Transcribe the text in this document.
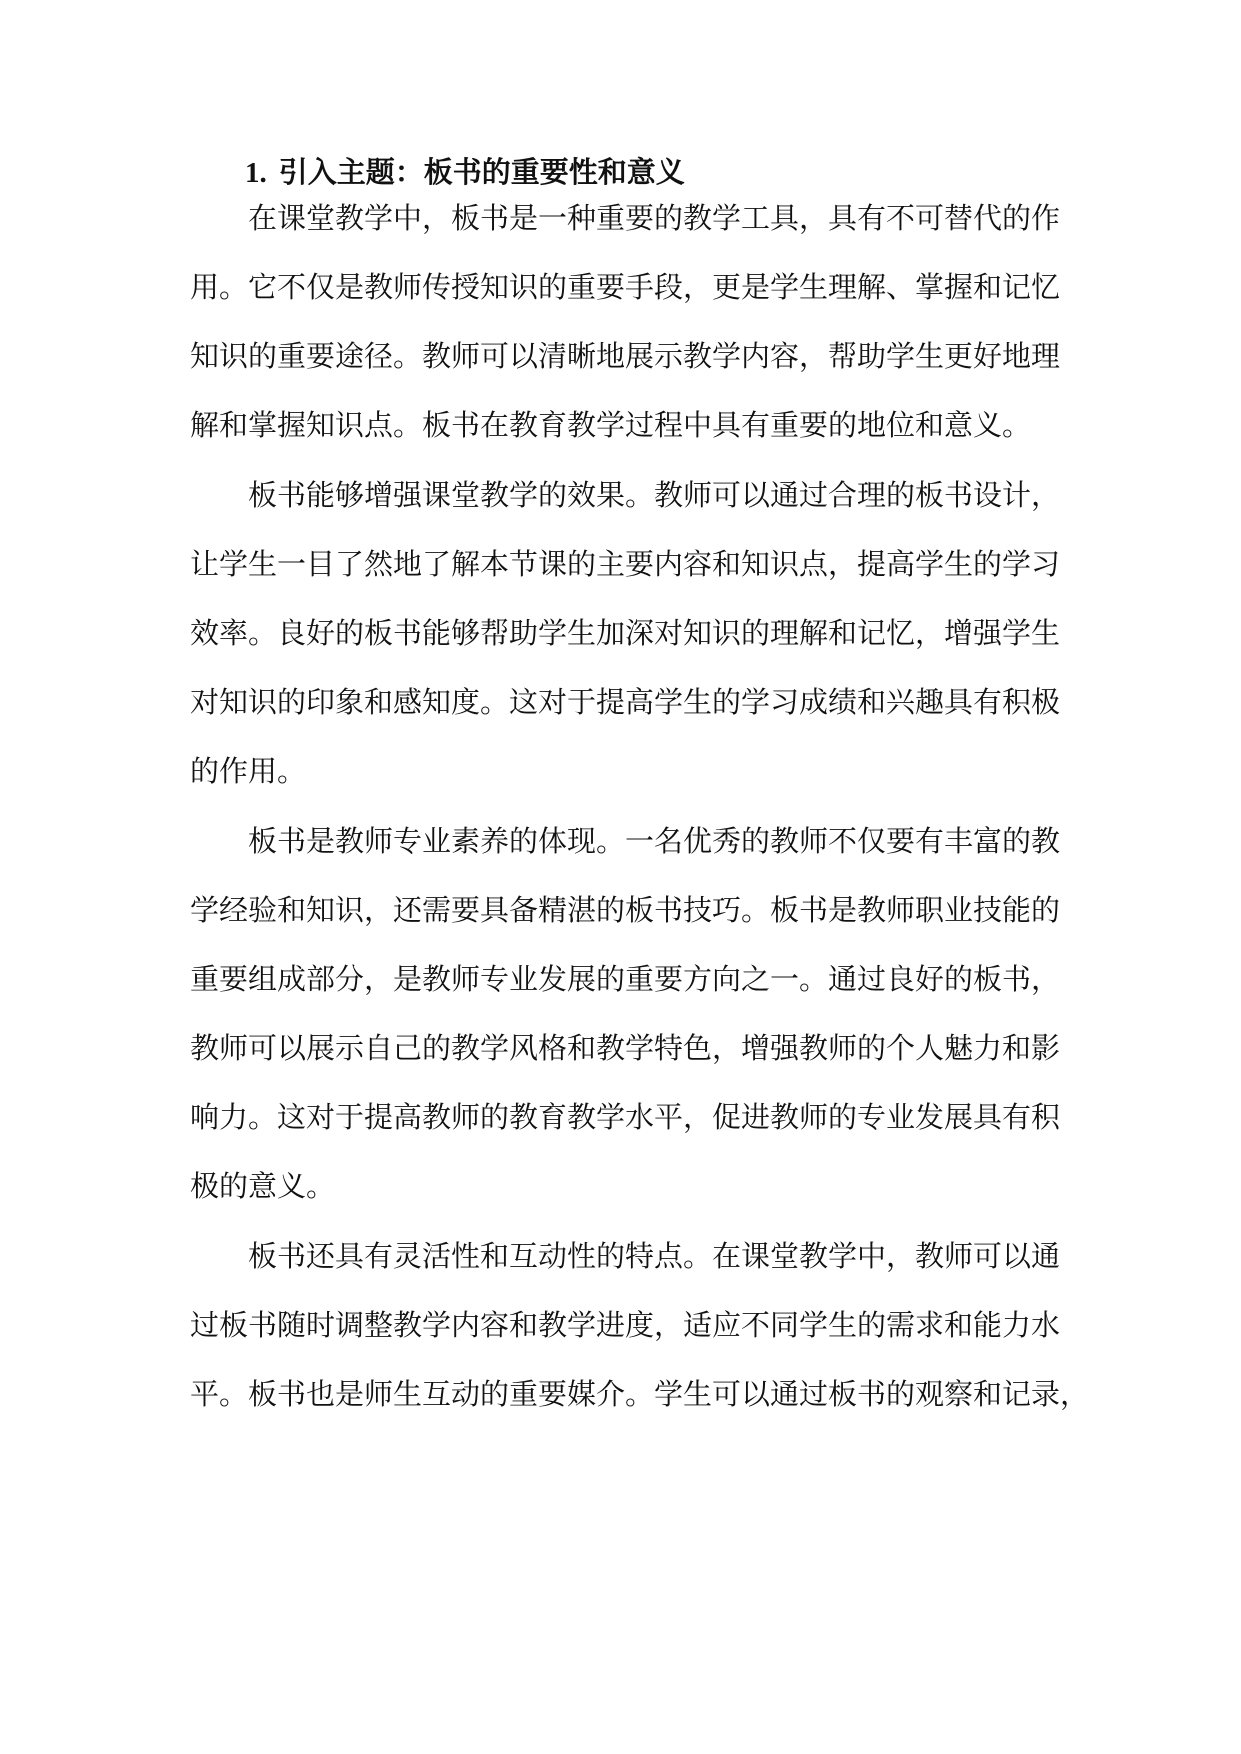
1. 引入主题：板书的重要性和意义

在课堂教学中，板书是一种重要的教学工具，具有不可替代的作

用。它不仅是教师传授知识的重要手段，更是学生理解、掌握和记忆

知识的重要途径。教师可以清晰地展示教学内容，帮助学生更好地理

解和掌握知识点。板书在教育教学过程中具有重要的地位和意义。

板书能够增强课堂教学的效果。教师可以通过合理的板书设计，

让学生一目了然地了解本节课的主要内容和知识点，提高学生的学习

效率。良好的板书能够帮助学生加深对知识的理解和记忆，增强学生

对知识的印象和感知度。这对于提高学生的学习成绩和兴趣具有积极

的作用。

板书是教师专业素养的体现。一名优秀的教师不仅要有丰富的教

学经验和知识，还需要具备精湛的板书技巧。板书是教师职业技能的

重要组成部分，是教师专业发展的重要方向之一。通过良好的板书，

教师可以展示自己的教学风格和教学特色，增强教师的个人魅力和影

响力。这对于提高教师的教育教学水平，促进教师的专业发展具有积

极的意义。

板书还具有灵活性和互动性的特点。在课堂教学中，教师可以通

过板书随时调整教学内容和教学进度，适应不同学生的需求和能力水

平。板书也是师生互动的重要媒介。学生可以通过板书的观察和记录，
